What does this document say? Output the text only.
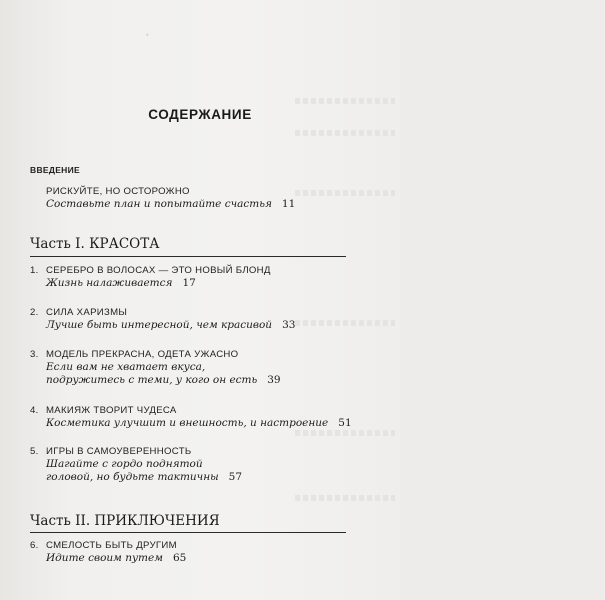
•
СОДЕРЖАНИЕ
ВВЕДЕНИЕ
РИСКУЙТЕ, НО ОСТОРОЖНО
Составьте план и попытайте счастья 11
Часть I. КРАСОТА
1. СЕРЕБРО В ВОЛОСАХ — ЭТО НОВЫЙ БЛОНД
Жизнь налаживается 17
2. СИЛА ХАРИЗМЫ
Лучше быть интересной, чем красивой 33
3. МОДЕЛЬ ПРЕКРАСНА, ОДЕТА УЖАСНО
Если вам не хватает вкуса,
подружитесь с теми, у кого он есть 39
4. МАКИЯЖ ТВОРИТ ЧУДЕСА
Косметика улучшит и внешность, и настроение 51
5. ИГРЫ В САМОУВЕРЕННОСТЬ
Шагайте с гордо поднятой
головой, но будьте тактичны 57
Часть II. ПРИКЛЮЧЕНИЯ
6. СМЕЛОСТЬ БЫТЬ ДРУГИМ
Идите своим путем 65
